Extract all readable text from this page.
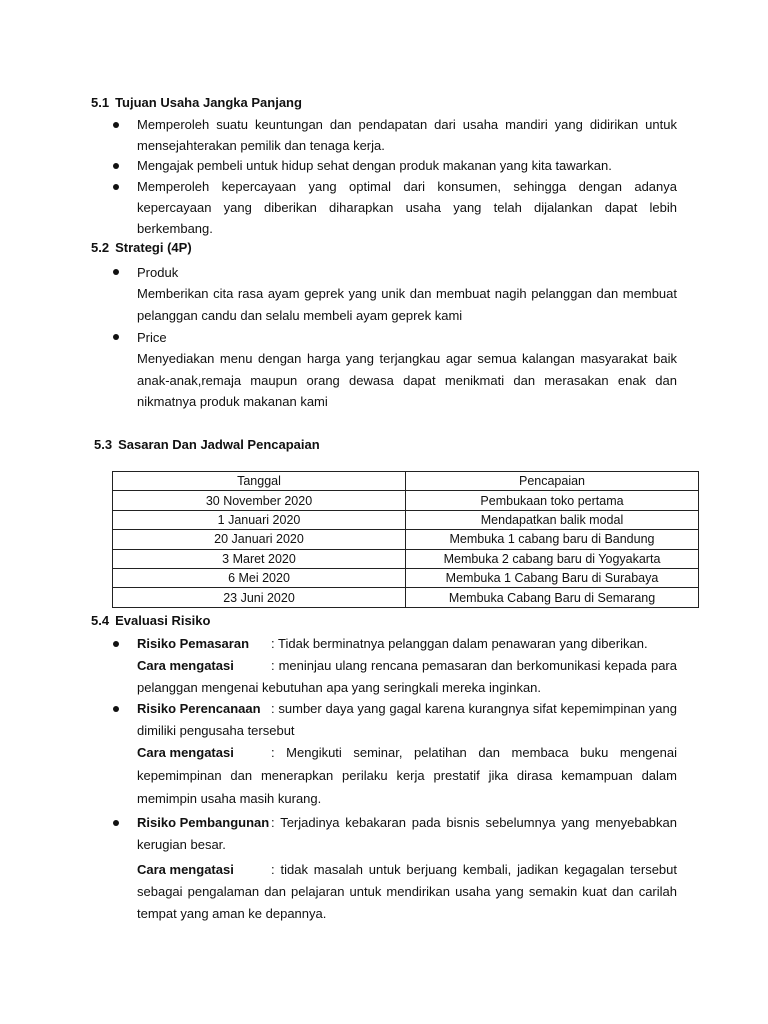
5.1 Tujuan Usaha Jangka Panjang

Memperoleh suatu keuntungan dan pendapatan dari usaha mandiri yang didirikan untuk mensejahterakan pemilik dan tenaga kerja.

Mengajak pembeli untuk hidup sehat dengan produk makanan yang kita tawarkan.

Memperoleh kepercayaan yang optimal dari konsumen, sehingga dengan adanya kepercayaan yang diberikan diharapkan usaha yang telah dijalankan dapat lebih berkembang.

5.2 Strategi (4P)

Produk

Memberikan cita rasa ayam geprek yang unik dan membuat nagih pelanggan dan membuat pelanggan candu dan selalu membeli ayam geprek kami

Price

Menyediakan menu dengan harga yang terjangkau agar semua kalangan masyarakat baik anak-anak,remaja maupun orang dewasa dapat menikmati dan merasakan enak dan nikmatnya produk makanan kami

5.3 Sasaran Dan Jadwal Pencapaian

Tanggal	Pencapaian
30 November 2020	Pembukaan toko pertama
1 Januari 2020	Mendapatkan balik modal
20 Januari 2020	Membuka 1 cabang baru di Bandung
3 Maret 2020	Membuka 2 cabang baru di Yogyakarta
6 Mei 2020	Membuka 1 Cabang Baru di Surabaya
23 Juni 2020	Membuka Cabang Baru di Semarang

5.4 Evaluasi Risiko

Risiko Pemasaran : Tidak berminatnya pelanggan dalam penawaran yang diberikan.

Cara mengatasi	: meninjau ulang rencana pemasaran dan berkomunikasi kepada para pelanggan mengenai kebutuhan apa yang seringkali mereka inginkan.

Risiko Perencanaan : sumber daya yang gagal karena kurangnya sifat kepemimpinan yang dimiliki pengusaha tersebut

Cara mengatasi	: Mengikuti seminar, pelatihan dan membaca buku mengenai kepemimpinan dan menerapkan perilaku kerja prestatif jika dirasa kemampuan dalam memimpin usaha masih kurang.

Risiko Pembangunan : Terjadinya kebakaran pada bisnis sebelumnya yang menyebabkan kerugian besar.

Cara mengatasi	: tidak masalah untuk berjuang kembali, jadikan kegagalan tersebut sebagai pengalaman dan pelajaran untuk mendirikan usaha yang semakin kuat dan carilah tempat yang aman ke depannya.
